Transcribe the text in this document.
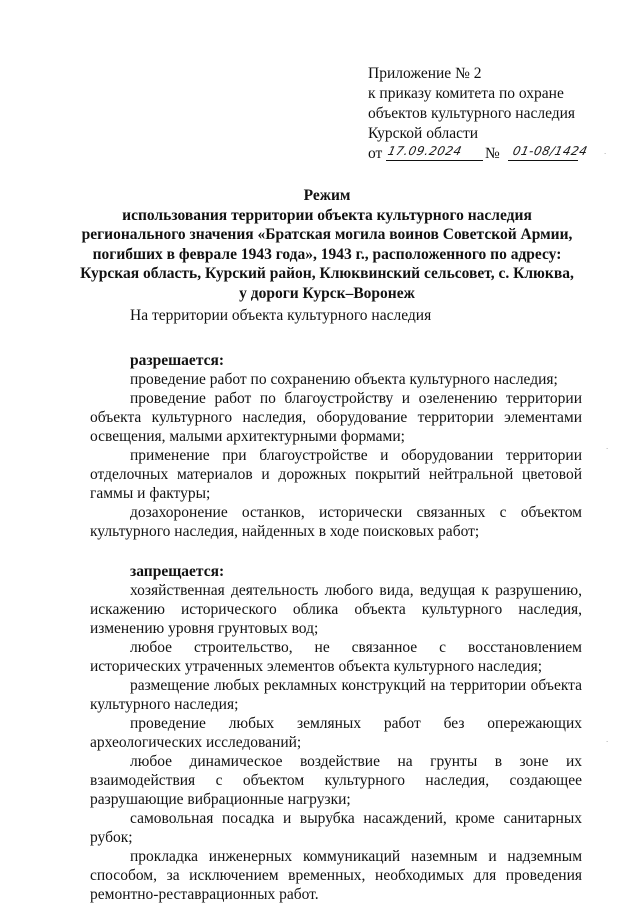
Приложение № 2
к приказу комитета по охране
объектов культурного наследия
Курской области
от 17.09.2024 № 01-08/1424
Режим
использования территории объекта культурного наследия
регионального значения «Братская могила воинов Советской Армии,
погибших в феврале 1943 года», 1943 г., расположенного по адресу:
Курская область, Курский район, Клюквинский сельсовет, с. Клюква,
у дороги Курск–Воронеж

На территории объекта культурного наследия

разрешается:

проведение работ по сохранению объекта культурного наследия;

проведение работ по благоустройству и озеленению территории объекта культурного наследия, оборудование территории элементами освещения, малыми архитектурными формами;

применение при благоустройстве и оборудовании территории отделочных материалов и дорожных покрытий нейтральной цветовой гаммы и фактуры;

дозахоронение останков, исторически связанных с объектом культурного наследия, найденных в ходе поисковых работ;

запрещается:

хозяйственная деятельность любого вида, ведущая к разрушению, искажению исторического облика объекта культурного наследия, изменению уровня грунтовых вод;

любое строительство, не связанное с восстановлением исторических утраченных элементов объекта культурного наследия;

размещение любых рекламных конструкций на территории объекта культурного наследия;

проведение любых земляных работ без опережающих археологических исследований;

любое динамическое воздействие на грунты в зоне их взаимодействия с объектом культурного наследия, создающее разрушающие вибрационные нагрузки;

самовольная посадка и вырубка насаждений, кроме санитарных рубок;

прокладка инженерных коммуникаций наземным и надземным способом, за исключением временных, необходимых для проведения ремонтно-реставрационных работ.

·
·
·
